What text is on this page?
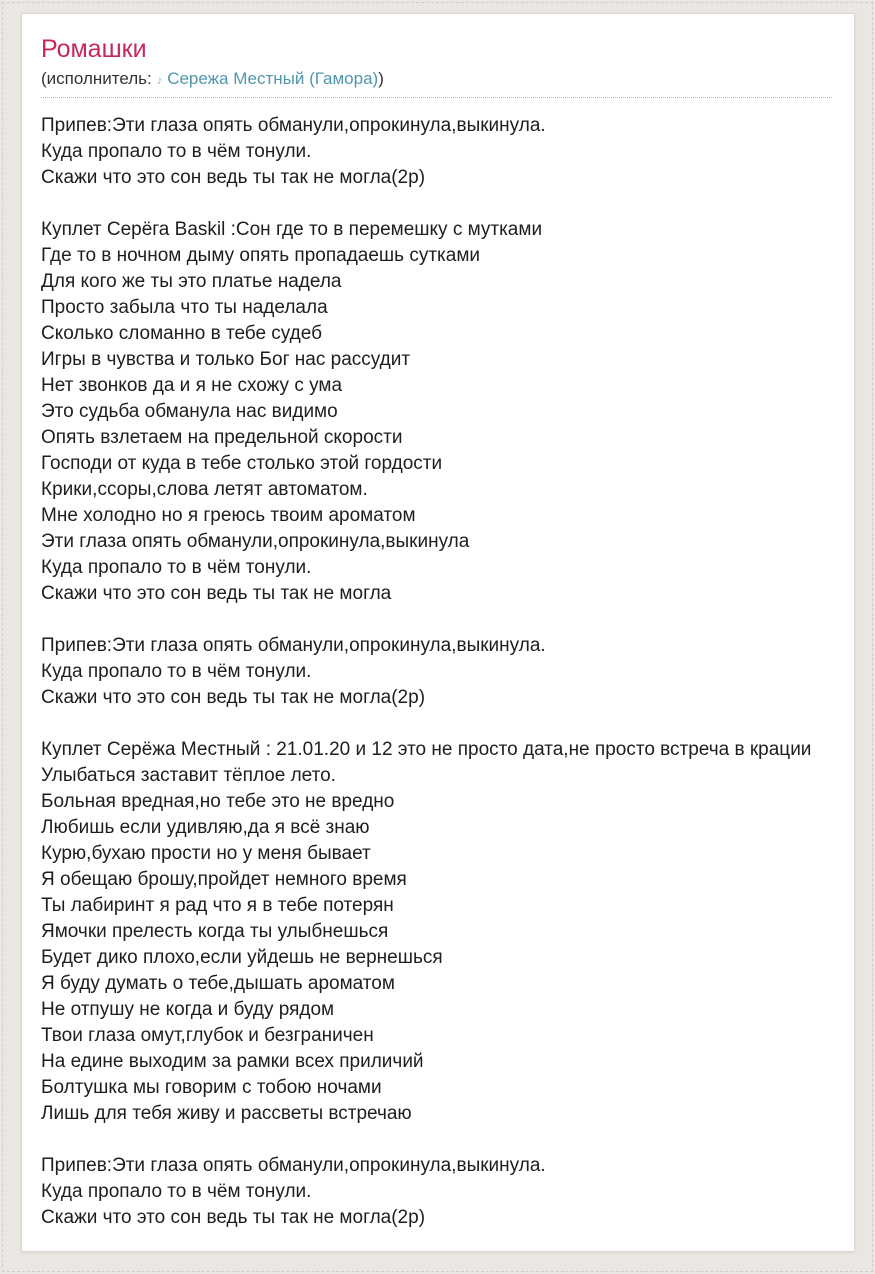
Ромашки
(исполнитель: ♪ Сережа Местный (Гамора))
Припев:Эти глаза опять обманули,опрокинула,выкинула.
Куда пропало то в чём тонули.
Скажи что это сон ведь ты так не могла(2р)

Куплет Серёга Baskil :Сон где то в перемешку с мутками
Где то в ночном дыму опять пропадаешь сутками
Для кого же ты это платье надела
Просто забыла что ты наделала
Сколько сломанно в тебе судеб
Игры в чувства и только Бог нас рассудит
Нет звонков да и я не схожу с ума
Это судьба обманула нас видимо
Опять взлетаем на предельной скорости
Господи от куда в тебе столько этой гордости
Крики,ссоры,слова летят автоматом.
Мне холодно но я греюсь твоим ароматом
Эти глаза опять обманули,опрокинула,выкинула
Куда пропало то в чём тонули.
Скажи что это сон ведь ты так не могла

Припев:Эти глаза опять обманули,опрокинула,выкинула.
Куда пропало то в чём тонули.
Скажи что это сон ведь ты так не могла(2р)

Куплет Серёжа Местный : 21.01.20 и 12 это не просто дата,не просто встреча в крации
Улыбаться заставит тёплое лето.
Больная вредная,но тебе это не вредно
Любишь если удивляю,да я всё знаю
Курю,бухаю прости но у меня бывает
Я обещаю брошу,пройдет немного время
Ты лабиринт я рад что я в тебе потерян
Ямочки прелесть когда ты улыбнешься
Будет дико плохо,если уйдешь не вернешься
Я буду думать о тебе,дышать ароматом
Не отпушу не когда и буду рядом
Твои глаза омут,глубок и безграничен
На едине выходим за рамки всех приличий
Болтушка мы говорим с тобою ночами
Лишь для тебя живу и рассветы встречаю

Припев:Эти глаза опять обманули,опрокинула,выкинула.
Куда пропало то в чём тонули.
Скажи что это сон ведь ты так не могла(2р)
